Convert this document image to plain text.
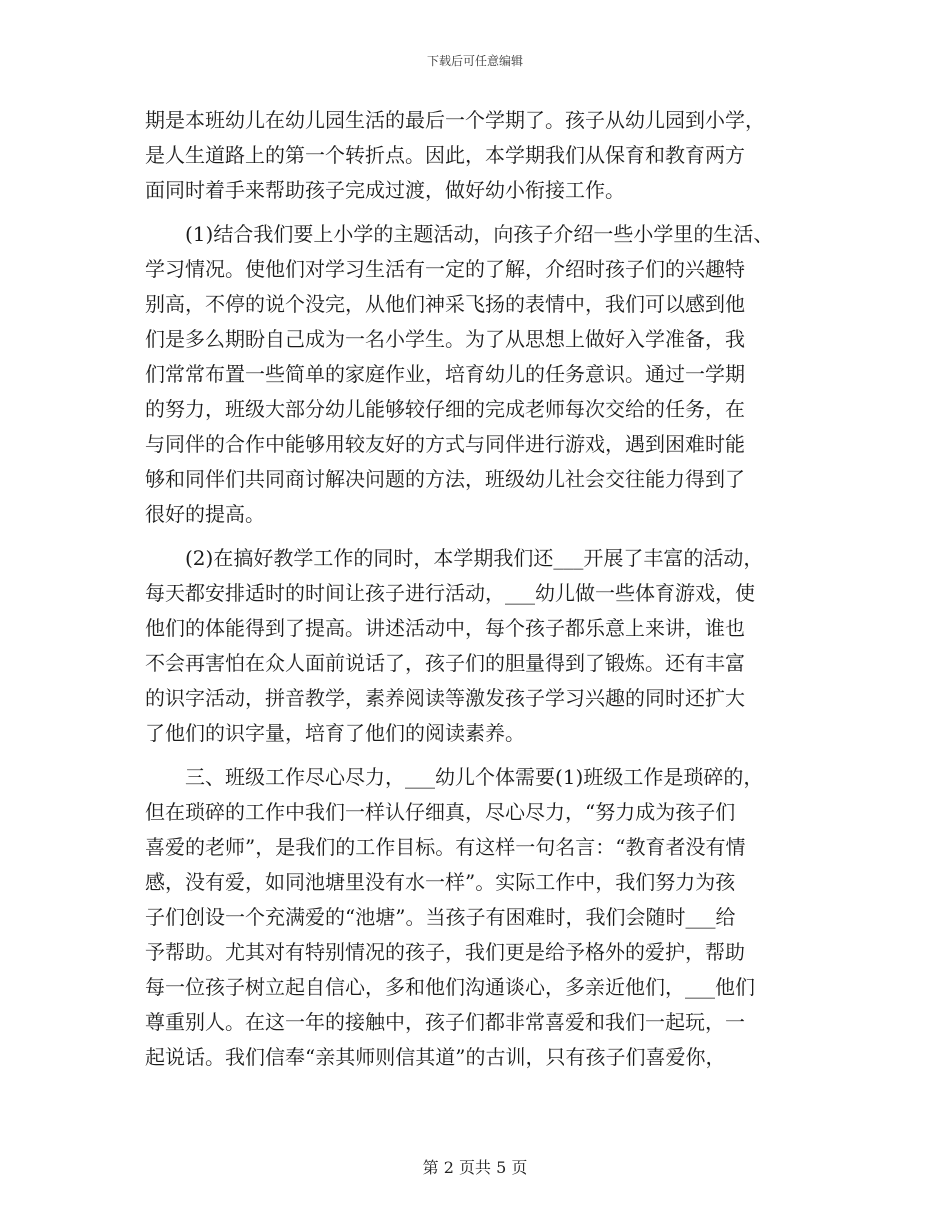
下载后可任意编辑
期是本班幼儿在幼儿园生活的最后一个学期了。孩子从幼儿园到小学，
是人生道路上的第一个转折点。因此，本学期我们从保育和教育两方
面同时着手来帮助孩子完成过渡，做好幼小衔接工作。
(1)结合我们要上小学的主题活动，向孩子介绍一些小学里的生活、
学习情况。使他们对学习生活有一定的了解，介绍时孩子们的兴趣特
别高，不停的说个没完，从他们神采飞扬的表情中，我们可以感到他
们是多么期盼自己成为一名小学生。为了从思想上做好入学准备，我
们常常布置一些简单的家庭作业，培育幼儿的任务意识。通过一学期
的努力，班级大部分幼儿能够较仔细的完成老师每次交给的任务，在
与同伴的合作中能够用较友好的方式与同伴进行游戏，遇到困难时能
够和同伴们共同商讨解决问题的方法，班级幼儿社会交往能力得到了
很好的提高。
(2)在搞好教学工作的同时，本学期我们还___开展了丰富的活动，
每天都安排适时的时间让孩子进行活动，___幼儿做一些体育游戏，使
他们的体能得到了提高。讲述活动中，每个孩子都乐意上来讲，谁也
不会再害怕在众人面前说话了，孩子们的胆量得到了锻炼。还有丰富
的识字活动，拼音教学，素养阅读等激发孩子学习兴趣的同时还扩大
了他们的识字量，培育了他们的阅读素养。
三、班级工作尽心尽力，___幼儿个体需要(1)班级工作是琐碎的，
但在琐碎的工作中我们一样认仔细真，尽心尽力，“努力成为孩子们
喜爱的老师”，是我们的工作目标。有这样一句名言：“教育者没有情
感，没有爱，如同池塘里没有水一样”。实际工作中，我们努力为孩
子们创设一个充满爱的“池塘”。当孩子有困难时，我们会随时___给
予帮助。尤其对有特别情况的孩子，我们更是给予格外的爱护，帮助
每一位孩子树立起自信心，多和他们沟通谈心，多亲近他们，___他们
尊重别人。在这一年的接触中，孩子们都非常喜爱和我们一起玩，一
起说话。我们信奉“亲其师则信其道”的古训，只有孩子们喜爱你，
第 2 页共 5 页
